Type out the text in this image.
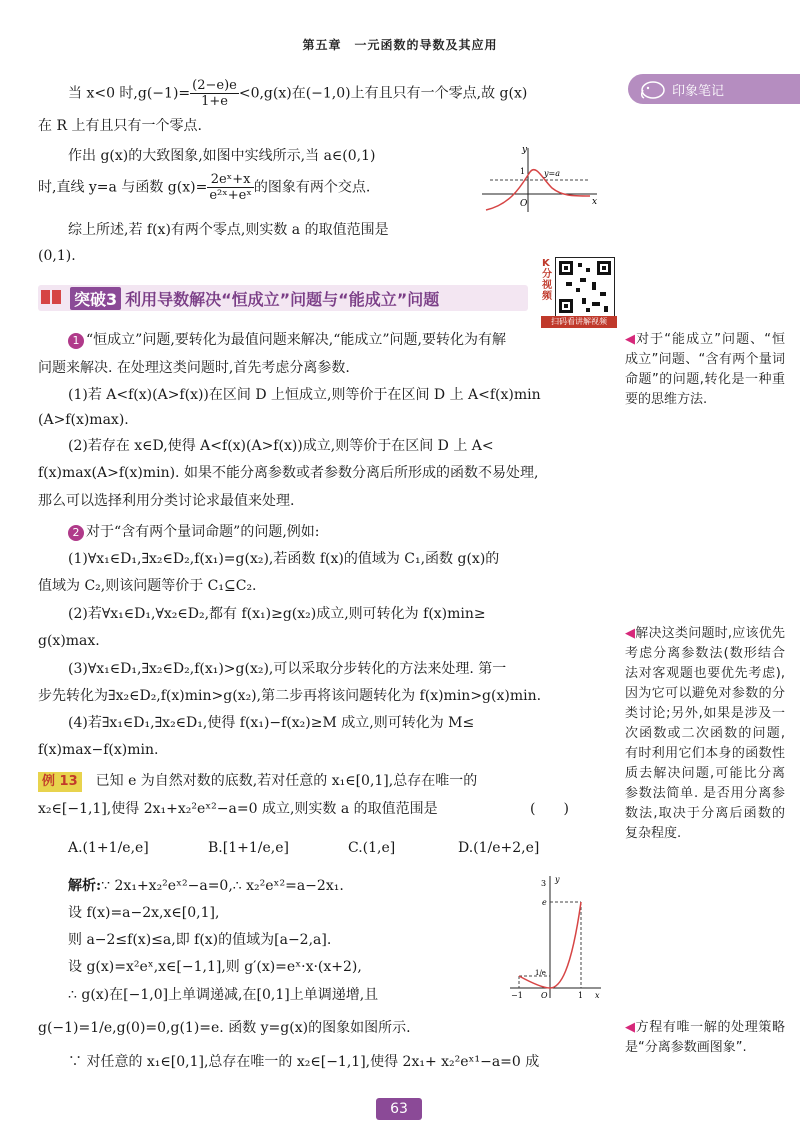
第五章　一元函数的导数及其应用
印象笔记
当 x<0 时$,g(-1)= \frac{(2-e)e}{1+e} <0,g(x)$在(−1,0)上有且只有一个零点,故 g(x)
在 R 上有且只有一个零点.
作出 g(x)的大致图象,如图中实线所示,当 a∈(0,1)
时,直线 y=a 与函数 $g(x)= \frac{\text{2eˣ+x}}{\text{e²ˣ+eˣ}}$ 的图象有两个交点.
综上所述,若 f(x)有两个零点,则实数 a 的取值范围是
(0,1).
y
x
O
1 y=a
突破3 利用导数解决“恒成立”问题与“能成立”问题
K分视频
扫码看讲解视频
1 “恒成立”问题,要转化为最值问题来解决,“能成立”问题,要转化为有解
问题来解决. 在处理这类问题时,首先考虑分离参数.
(1)若 A<f(x)(A>f(x))在区间 D 上恒成立,则等价于在区间 D 上 A<f(x)min
(A>f(x)max).
(2)若存在 x∈D,使得 A<f(x)(A>f(x))成立,则等价于在区间 D 上 A<
f(x)max(A>f(x)min). 如果不能分离参数或者参数分离后所形成的函数不易处理,
那么可以选择利用分类讨论求最值来处理.
2 对于“含有两个量词命题”的问题,例如:
(1)∀x₁∈D₁,∃x₂∈D₂,f(x₁)=g(x₂),若函数 f(x)的值域为 C₁,函数 g(x)的
值域为 C₂,则该问题等价于 C₁⊆C₂.
(2)若∀x₁∈D₁,∀x₂∈D₂,都有 f(x₁)≥g(x₂)成立,则可转化为 f(x)min≥
g(x)max.
(3)∀x₁∈D₁,∃x₂∈D₂,f(x₁)>g(x₂),可以采取分步转化的方法来处理. 第一
步先转化为∃x₂∈D₂,f(x)min>g(x₂),第二步再将该问题转化为 f(x)min>g(x)min.
(4)若∃x₁∈D₁,∃x₂∈D₁,使得 f(x₁)−f(x₂)≥M 成立,则可转化为 M≤
f(x)max−f(x)min.
例 13　 已知 e 为自然对数的底数,若对任意的 x₁∈[0,1],总存在唯一的
x₂∈[−1,1],使得 2x₁+x₂²eˣ²−a=0 成立,则实数 a 的取值范围是	(　　)
A.(1+1/e,e]	B.[1+1/e,e]	C.(1,e]	D.(1/e+2,e]
解析:∵ 2x₁+x₂²eˣ²−a=0,∴ x₂²eˣ²=a−2x₁.
设 f(x)=a−2x,x∈[0,1],
则 a−2≤f(x)≤a,即 f(x)的值域为[a−2,a].
设 g(x)=x²eˣ,x∈[−1,1],则 g′(x)=eˣ·x·(x+2),
∴ g(x)在[−1,0]上单调递减,在[0,1]上单调递增,且
g(−1)=1/e,g(0)=0,g(1)=e. 函数 y=g(x)的图象如图所示.
∵ 对任意的 x₁∈[0,1],总存在唯一的 x₂∈[−1,1],使得 2x₁+ x₂²eˣ¹−a=0 成
y
x
O
3
e
1/e
−1	1
◀对于“能成立”问题、“恒成立”问题、“含有两个量词命题”的问题,转化是一种重要的思维方法.
◀解决这类问题时,应该优先考虑分离参数法(数形结合法对客观题也要优先考虑),因为它可以避免对参数的分类讨论;另外,如果是涉及一次函数或二次函数的问题,有时利用它们本身的函数性质去解决问题,可能比分离参数法简单. 是否用分离参数法,取决于分离后函数的复杂程度.
◀方程有唯一解的处理策略是“分离参数画图象”.
63
